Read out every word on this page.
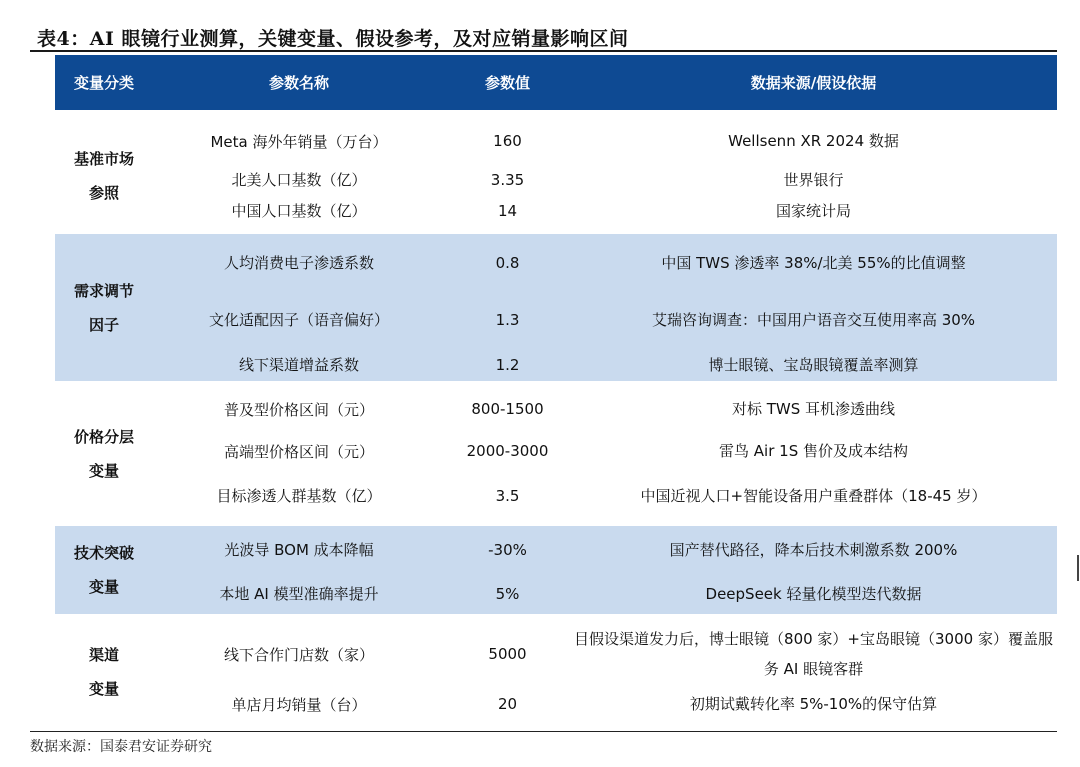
表4：AI 眼镜行业测算，关键变量、假设参考，及对应销量影响区间
变量分类	参数名称	参数值	数据来源/假设依据

基准市场
参照	Meta 海外年销量（万台）	160	Wellsenn XR 2024 数据
	北美人口基数（亿）	3.35	世界银行
	中国人口基数（亿）	14	国家统计局

需求调节
因子	人均消费电子渗透系数	0.8	中国 TWS 渗透率 38%/北美 55%的比值调整
	文化适配因子（语音偏好）	1.3	艾瑞咨询调查：中国用户语音交互使用率高 30%
	线下渠道增益系数	1.2	博士眼镜、宝岛眼镜覆盖率测算

价格分层
变量	普及型价格区间（元）	800-1500	对标 TWS 耳机渗透曲线
	高端型价格区间（元）	2000-3000	雷鸟 Air 1S 售价及成本结构
	目标渗透人群基数（亿）	3.5	中国近视人口+智能设备用户重叠群体（18-45 岁）

技术突破
变量	光波导 BOM 成本降幅	-30%	国产替代路径，降本后技术刺激系数 200%
	本地 AI 模型准确率提升	5%	DeepSeek 轻量化模型迭代数据

渠道
变量	线下合作门店数（家）	5000	目假设渠道发力后，博士眼镜（800 家）+宝岛眼镜（3000 家）覆盖服务 AI 眼镜客群
	单店月均销量（台）	20	初期试戴转化率 5%-10%的保守估算
数据来源：国泰君安证券研究
